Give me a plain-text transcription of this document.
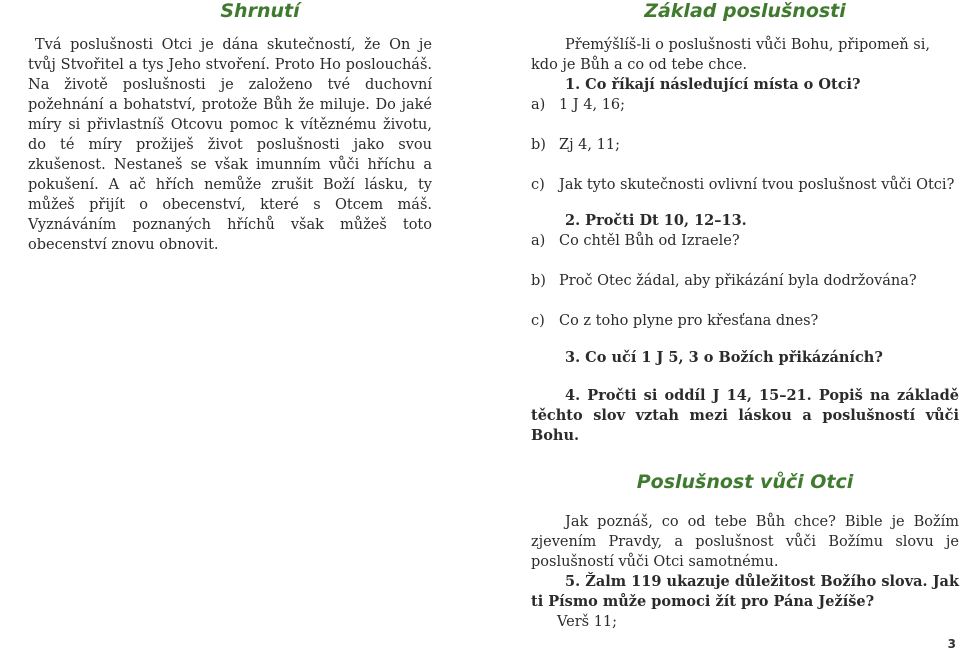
Shrnutí

Tvá poslušnosti Otci je dána skutečností, že On je tvůj Stvořitel a tys Jeho stvoření. Proto Ho posloucháš. Na životě poslušnosti je založeno tvé duchovní požehnání a bohatství, protože Bůh že miluje. Do jaké míry si přivlastníš Otcovu pomoc k vítěznému životu, do té míry prožiješ život poslušnosti jako svou zkušenost. Nestaneš se však imunním vůči hříchu a pokušení. A ač hřích nemůže zrušit Boží lásku, ty můžeš přijít o obecenství, které s Otcem máš. Vyznáváním poznaných hříchů však můžeš toto obecenství znovu obnovit.

Základ poslušnosti

Přemýšlíš-li o poslušnosti vůči Bohu, připomeň si, kdo je Bůh a co od tebe chce.

1. Co říkají následující místa o Otci?

a) 1 J 4, 16;
b) Zj 4, 11;
c) Jak tyto skutečnosti ovlivní tvou poslušnost vůči Otci?

2. Pročti Dt 10, 12–13.

a) Co chtěl Bůh od Izraele?
b) Proč Otec žádal, aby přikázání byla dodržována?
c) Co z toho plyne pro křesťana dnes?

3. Co učí 1 J 5, 3 o Božích přikázáních?

4. Pročti si oddíl J 14, 15–21. Popiš na základě těchto slov vztah mezi láskou a poslušností vůči Bohu.

Poslušnost vůči Otci

Jak poznáš, co od tebe Bůh chce? Bible je Božím zjevením Pravdy, a poslušnost vůči Božímu slovu je poslušností vůči Otci samotnému.

5. Žalm 119 ukazuje důležitost Božího slova. Jak ti Písmo může pomoci žít pro Pána Ježíše?

Verš 11;

3
